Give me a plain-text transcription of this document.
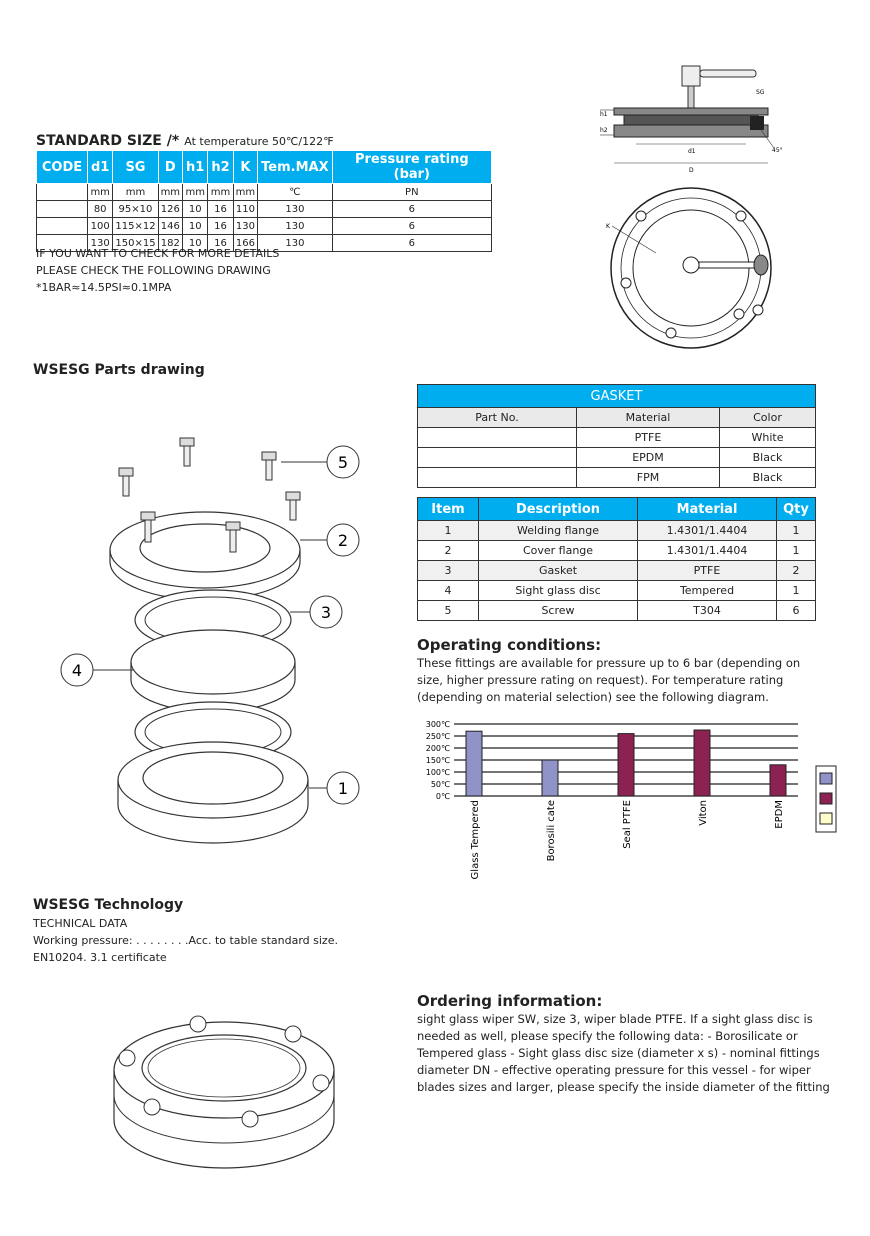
STANDARD SIZE /* At temperature 50℃/122℉
CODE	d1	SG	D	h1	h2	K	Tem.MAX	Pressure rating (bar)
	mm	mm	mm	mm	mm	mm	℃	PN
	80	95×10	126	10	16	110	130	6
	100	115×12	146	10	16	130	130	6
	130	150×15	182	10	16	166	130	6
IF YOU WANT TO CHECK FOR MORE DETAILS
PLEASE CHECK THE FOLLOWING DRAWING
*1BAR≈14.5PSI≈0.1MPA
h1
h2
SG
d1
D
45°
K
WSESG Parts drawing
5
2
3
4
1
GASKET		
Part No.	Material	Color
	PTFE	White
	EPDM	Black
	FPM	Black
Item	Description	Material	Qty
1	Welding flange	1.4301/1.4404	1
2	Cover flange	1.4301/1.4404	1
3	Gasket	PTFE	2
4	Sight glass disc	Tempered	1
5	Screw	T304	6
Operating conditions:
These fittings are available for pressure up to 6 bar (depending on size, higher pressure rating on request). For temperature rating (depending on material selection) see the following diagram.
0℃
50℃
100℃
150℃
200℃
250℃
300℃
Glass Tempered	Borosili cate	Seal PTFE	Viton	EPDM
WSESG Technology
TECHNICAL DATA
Working pressure: . . . . . . . .Acc. to table standard size.
EN10204. 3.1 certificate
Ordering information:
sight glass wiper SW, size 3, wiper blade PTFE. If a sight glass disc is needed as well, please specify the following data: - Borosilicate or Tempered glass - Sight glass disc size (diameter x s) - nominal fittings diameter DN - effective operating pressure for this vessel - for wiper blades sizes and larger, please specify the inside diameter of the fitting
